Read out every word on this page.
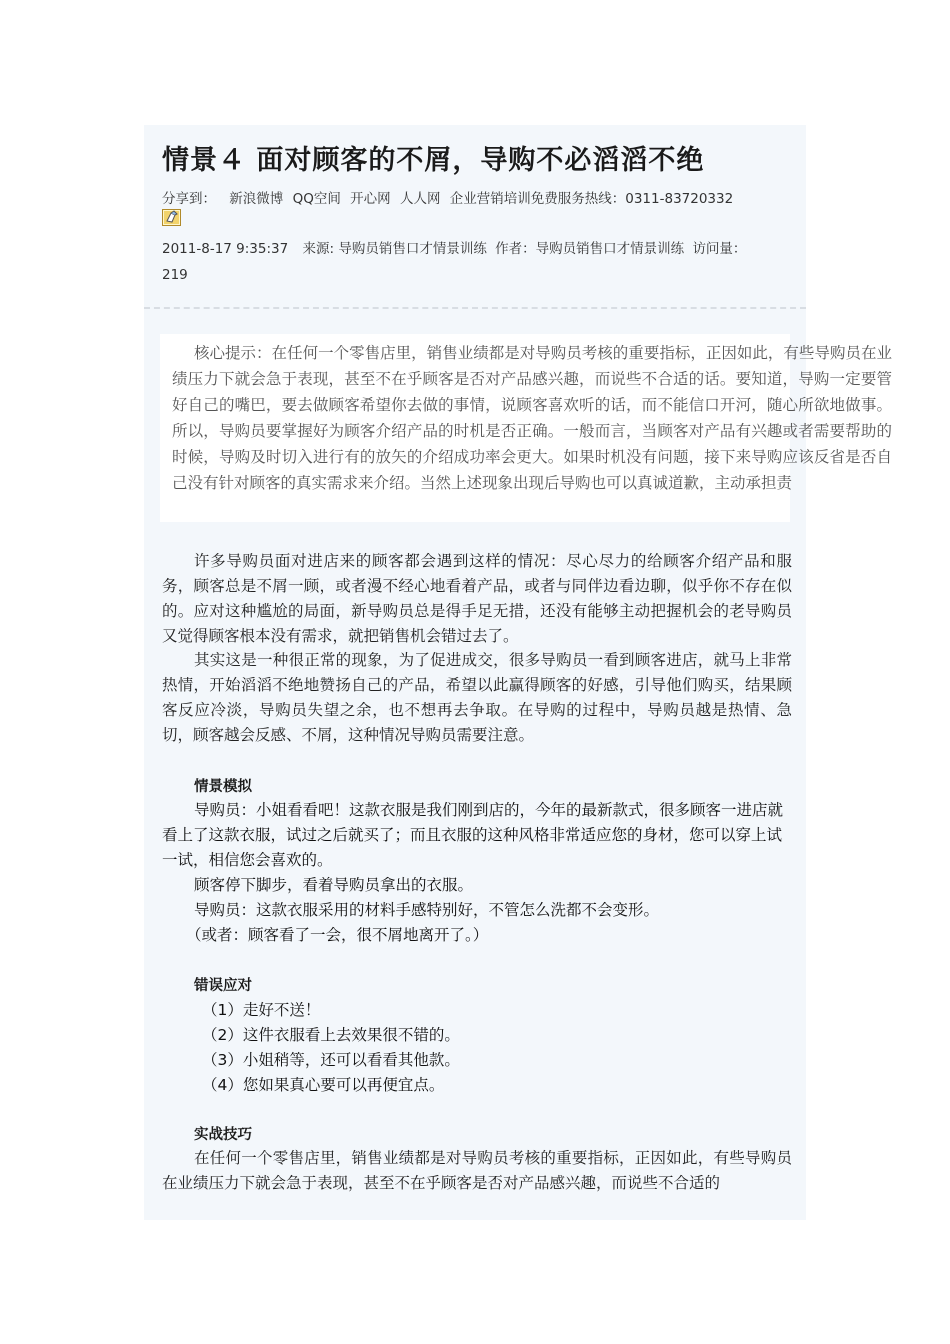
情景４ 面对顾客的不屑，导购不必滔滔不绝
分享到： 新浪微博 QQ空间 开心网 人人网 企业营销培训免费服务热线：0311-83720332
2011-8-17 9:35:37 来源: 导购员销售口才情景训练 作者：导购员销售口才情景训练 访问量：
219

核心提示：在任何一个零售店里，销售业绩都是对导购员考核的重要指标，正因如此，有些导购员在业绩压力下就会急于表现，甚至不在乎顾客是否对产品感兴趣，而说些不合适的话。要知道，导购一定要管好自己的嘴巴，要去做顾客希望你去做的事情，说顾客喜欢听的话，而不能信口开河，随心所欲地做事。所以，导购员要掌握好为顾客介绍产品的时机是否正确。一般而言，当顾客对产品有兴趣或者需要帮助的时候，导购及时切入进行有的放矢的介绍成功率会更大。如果时机没有问题，接下来导购应该反省是否自己没有针对顾客的真实需求来介绍。当然上述现象出现后导购也可以真诚道歉，主动承担责

许多导购员面对进店来的顾客都会遇到这样的情况：尽心尽力的给顾客介绍产品和服务，顾客总是不屑一顾，或者漫不经心地看着产品，或者与同伴边看边聊，似乎你不存在似的。应对这种尴尬的局面，新导购员总是得手足无措，还没有能够主动把握机会的老导购员又觉得顾客根本没有需求，就把销售机会错过去了。

其实这是一种很正常的现象，为了促进成交，很多导购员一看到顾客进店，就马上非常热情，开始滔滔不绝地赞扬自己的产品，希望以此赢得顾客的好感，引导他们购买，结果顾客反应冷淡，导购员失望之余，也不想再去争取。在导购的过程中，导购员越是热情、急切，顾客越会反感、不屑，这种情况导购员需要注意。

情景模拟

导购员：小姐看看吧！这款衣服是我们刚到店的，今年的最新款式，很多顾客一进店就看上了这款衣服，试过之后就买了；而且衣服的这种风格非常适应您的身材，您可以穿上试一试，相信您会喜欢的。

顾客停下脚步，看着导购员拿出的衣服。

导购员：这款衣服采用的材料手感特别好，不管怎么洗都不会变形。

（或者：顾客看了一会，很不屑地离开了。）

错误应对
（1）走好不送！
（2）这件衣服看上去效果很不错的。
（3）小姐稍等，还可以看看其他款。
（4）您如果真心要可以再便宜点。
实战技巧

在任何一个零售店里，销售业绩都是对导购员考核的重要指标，正因如此，有些导购员在业绩压力下就会急于表现，甚至不在乎顾客是否对产品感兴趣，而说些不合适的
